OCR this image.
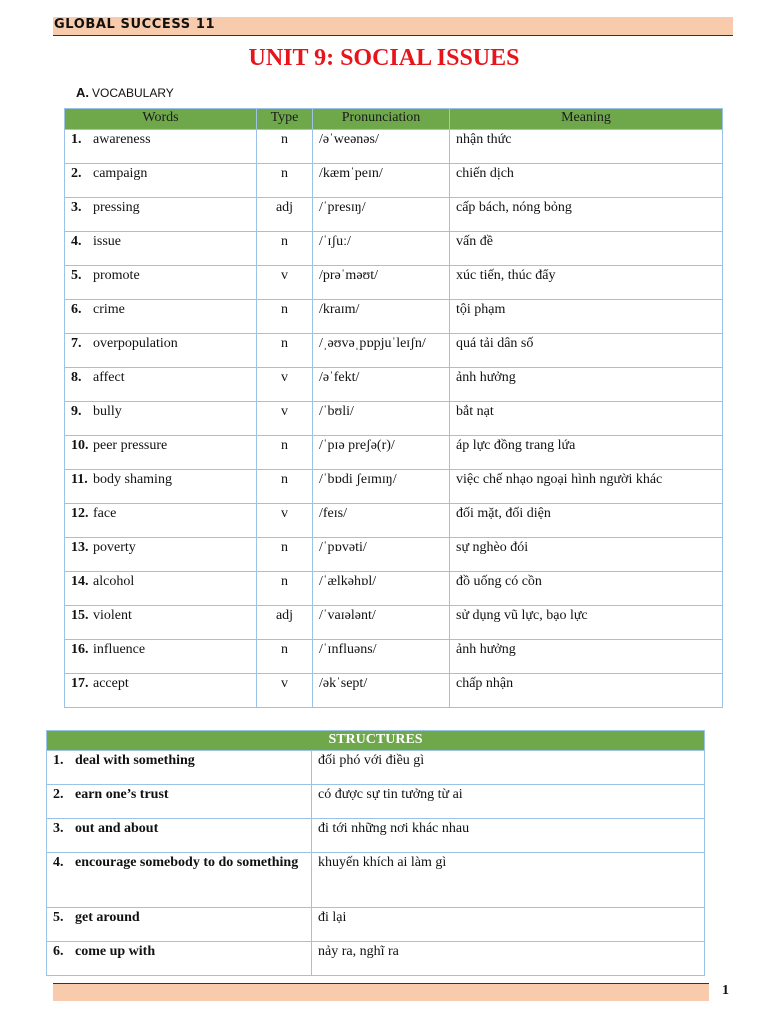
GLOBAL SUCCESS 11
UNIT 9: SOCIAL ISSUES
A. VOCABULARY
Words	Type	Pronunciation	Meaning
1. awareness	n	/əˈweənəs/	nhận thức
2. campaign	n	/kæmˈpeɪn/	chiến dịch
3. pressing	adj	/ˈpresɪŋ/	cấp bách, nóng bỏng
4. issue	n	/ˈɪʃuː/	vấn đề
5. promote	v	/prəˈməʊt/	xúc tiến, thúc đẩy
6. crime	n	/kraɪm/	tội phạm
7. overpopulation	n	/ˌəʊvəˌpɒpjuˈleɪʃn/	quá tải dân số
8. affect	v	/əˈfekt/	ảnh hưởng
9. bully	v	/ˈbʊli/	bắt nạt
10. peer pressure	n	/ˈpɪə preʃə(r)/	áp lực đồng trang lứa
11. body shaming	n	/ˈbɒdi ʃeɪmɪŋ/	việc chế nhạo ngoại hình người khác
12. face	v	/feɪs/	đối mặt, đối diện
13. poverty	n	/ˈpɒvəti/	sự nghèo đói
14. alcohol	n	/ˈælkəhɒl/	đồ uống có cồn
15. violent	adj	/ˈvaɪələnt/	sử dụng vũ lực, bạo lực
16. influence	n	/ˈɪnfluəns/	ảnh hưởng
17. accept	v	/əkˈsept/	chấp nhận
STRUCTURES	
1. deal with something	đối phó với điều gì
2. earn one’s trust	có được sự tin tưởng từ ai
3. out and about	đi tới những nơi khác nhau
4. encourage somebody to do something	khuyến khích ai làm gì
5. get around	đi lại
6. come up with	nảy ra, nghĩ ra
1
